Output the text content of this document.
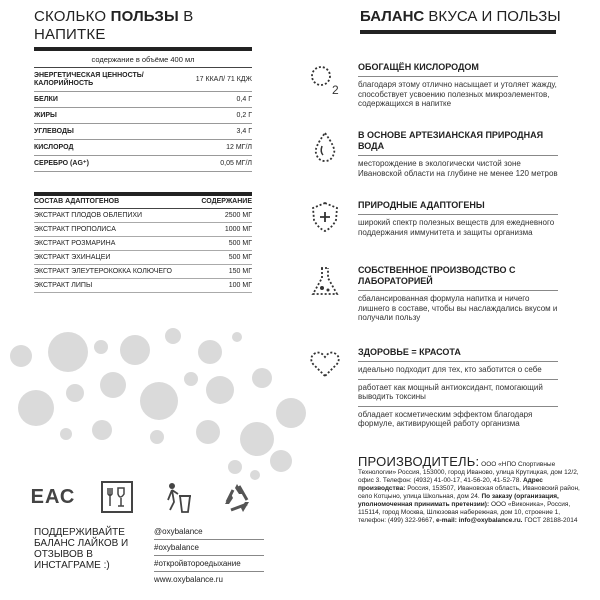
СКОЛЬКО ПОЛЬЗЫ В НАПИТКЕ
содержание в объёме 400 мл
ЭНЕРГЕТИЧЕСКАЯ ЦЕННОСТЬ/ КАЛОРИЙНОСТЬ
17 ККАЛ/ 71 КДЖ
БЕЛКИ	0,4 Г
ЖИРЫ	0,2 Г
УГЛЕВОДЫ	3,4 Г
КИСЛОРОД	12 МГ/Л
СЕРЕБРО (AG⁺)	0,05 МГ/Л
СОСТАВ АДАПТОГЕНОВ	СОДЕРЖАНИЕ
ЭКСТРАКТ ПЛОДОВ ОБЛЕПИХИ	2500 МГ
ЭКСТРАКТ ПРОПОЛИСА	1000 МГ
ЭКСТРАКТ РОЗМАРИНА	500 МГ
ЭКСТРАКТ ЭХИНАЦЕИ	500 МГ
ЭКСТРАКТ ЭЛЕУТЕРОКОККА КОЛЮЧЕГО	150 МГ
ЭКСТРАКТ ЛИПЫ	100 МГ
ЕАС
ПОДДЕРЖИВАЙТЕ БАЛАНС ЛАЙКОВ И ОТЗЫВОВ В ИНСТАГРАМЕ :)
@oxybalance
#oxybalance
#откройвторoедыхание
www.oxybalance.ru
БАЛАНС ВКУСА И ПОЛЬЗЫ
2
ОБОГАЩЁН КИСЛОРОДОМ
благодаря этому отлично насыщает и утоляет жажду, способствует усвоению полезных микроэлементов, содержащихся в напитке
В ОСНОВЕ АРТЕЗИАНСКАЯ ПРИРОДНАЯ ВОДА
месторождение в экологически чистой зоне Ивановской области на глубине не менее 120 метров
ПРИРОДНЫЕ АДАПТОГЕНЫ
широкий спектр полезных веществ для ежедневного поддержания иммунитета и защиты организма
СОБСТВЕННОЕ ПРОИЗВОДСТВО С ЛАБОРАТОРИЕЙ
сбалансированная формула напитка и ничего лишнего в составе, чтобы вы наслаждались вкусом и получали пользу
ЗДОРОВЬЕ = КРАСОТА
идеально подходит для тех, кто заботится о себе
работает как мощный антиоксидант, помогающий выводить токсины
обладает косметическим эффектом благодаря формуле, активирующей работу организма
ПРОИЗВОДИТЕЛЬ: ООО «НПО Спортивные Технологии» Россия, 153000, город Иваново, улица Крутицкая, дом 12/2, офис 3. Телефон: (4932) 41-00-17, 41-56-20, 41-52-78. Адрес производства: Россия, 153507, Ивановская область, Ивановский район, село Котцыно, улица Школьная, дом 24. По заказу (организация, уполномоченная принимать претензии): ООО «Виконика», Россия, 115114, город Москва, Шлюзовая набережная, дом 10, строение 1, телефон: (499) 322-9667, e-mail: info@oxybalance.ru. ГОСТ 28188-2014
